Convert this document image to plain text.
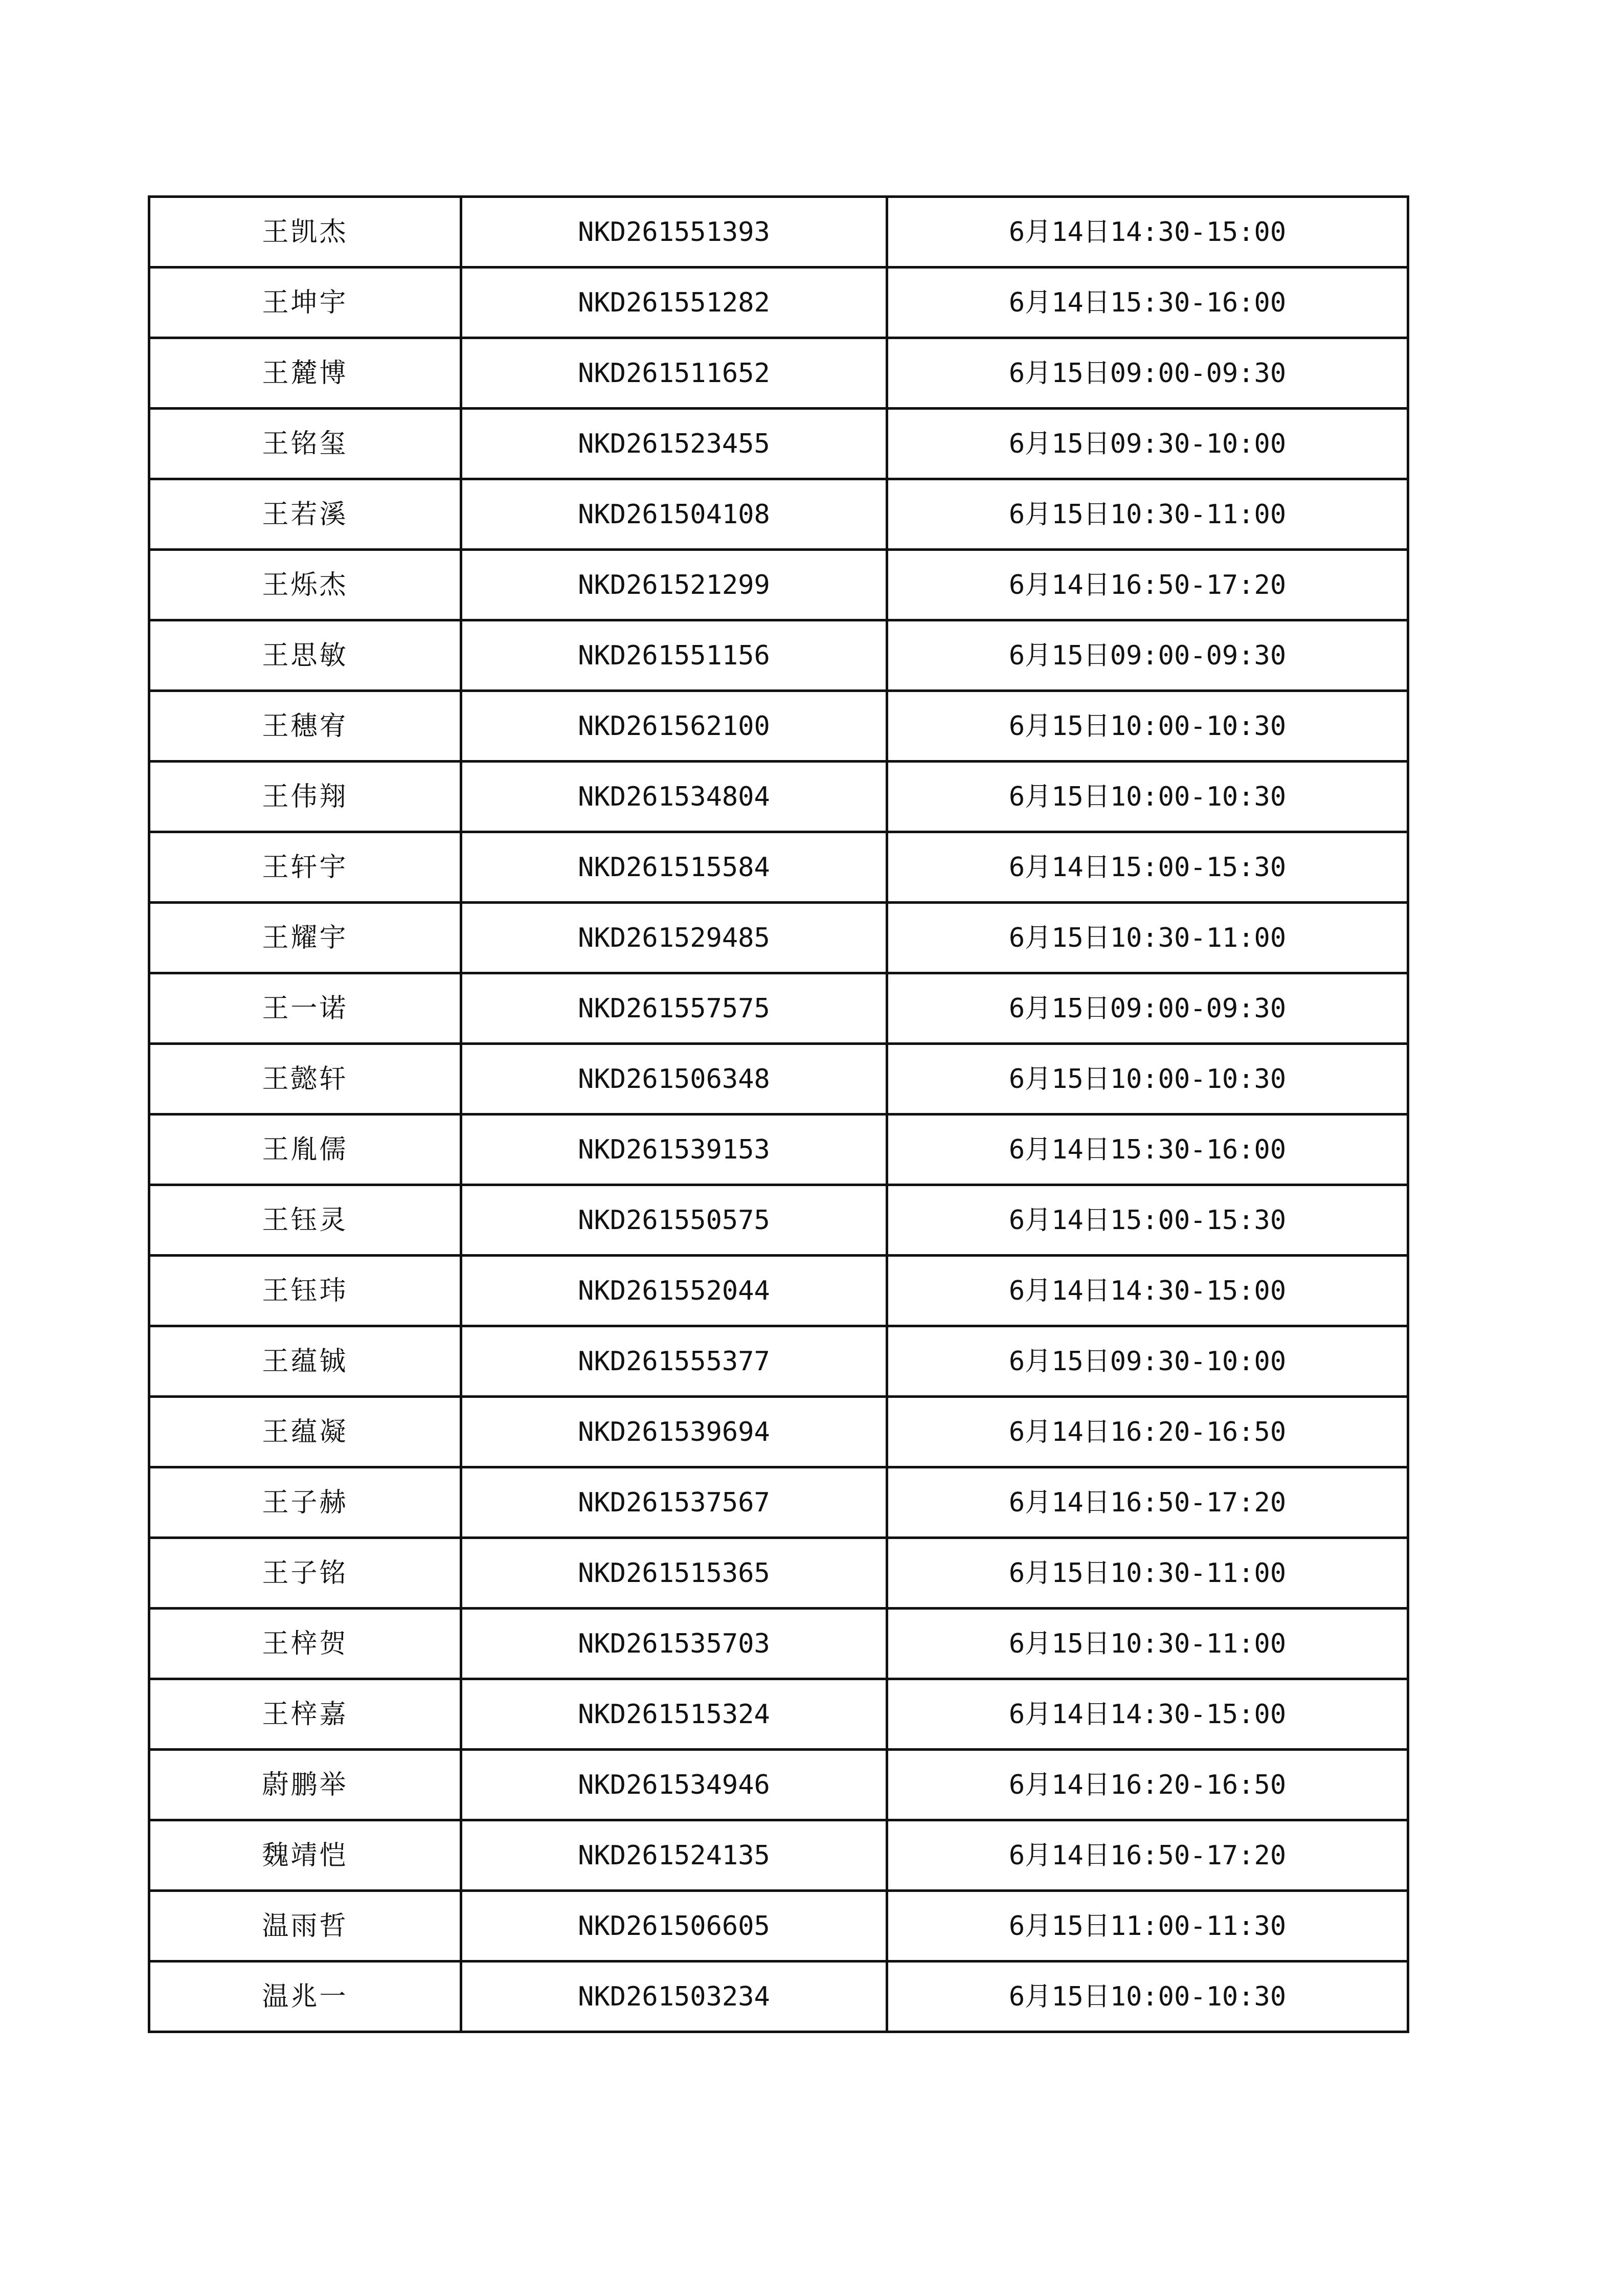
王凯杰	NKD261551393	6月14日14:30-15:00
王坤宇	NKD261551282	6月14日15:30-16:00
王麓博	NKD261511652	6月15日09:00-09:30
王铭玺	NKD261523455	6月15日09:30-10:00
王若溪	NKD261504108	6月15日10:30-11:00
王烁杰	NKD261521299	6月14日16:50-17:20
王思敏	NKD261551156	6月15日09:00-09:30
王穗宥	NKD261562100	6月15日10:00-10:30
王伟翔	NKD261534804	6月15日10:00-10:30
王轩宇	NKD261515584	6月14日15:00-15:30
王耀宇	NKD261529485	6月15日10:30-11:00
王一诺	NKD261557575	6月15日09:00-09:30
王懿轩	NKD261506348	6月15日10:00-10:30
王胤儒	NKD261539153	6月14日15:30-16:00
王钰灵	NKD261550575	6月14日15:00-15:30
王钰玮	NKD261552044	6月14日14:30-15:00
王蕴铖	NKD261555377	6月15日09:30-10:00
王蕴凝	NKD261539694	6月14日16:20-16:50
王子赫	NKD261537567	6月14日16:50-17:20
王子铭	NKD261515365	6月15日10:30-11:00
王梓贺	NKD261535703	6月15日10:30-11:00
王梓嘉	NKD261515324	6月14日14:30-15:00
蔚鹏举	NKD261534946	6月14日16:20-16:50
魏靖恺	NKD261524135	6月14日16:50-17:20
温雨哲	NKD261506605	6月15日11:00-11:30
温兆一	NKD261503234	6月15日10:00-10:30
